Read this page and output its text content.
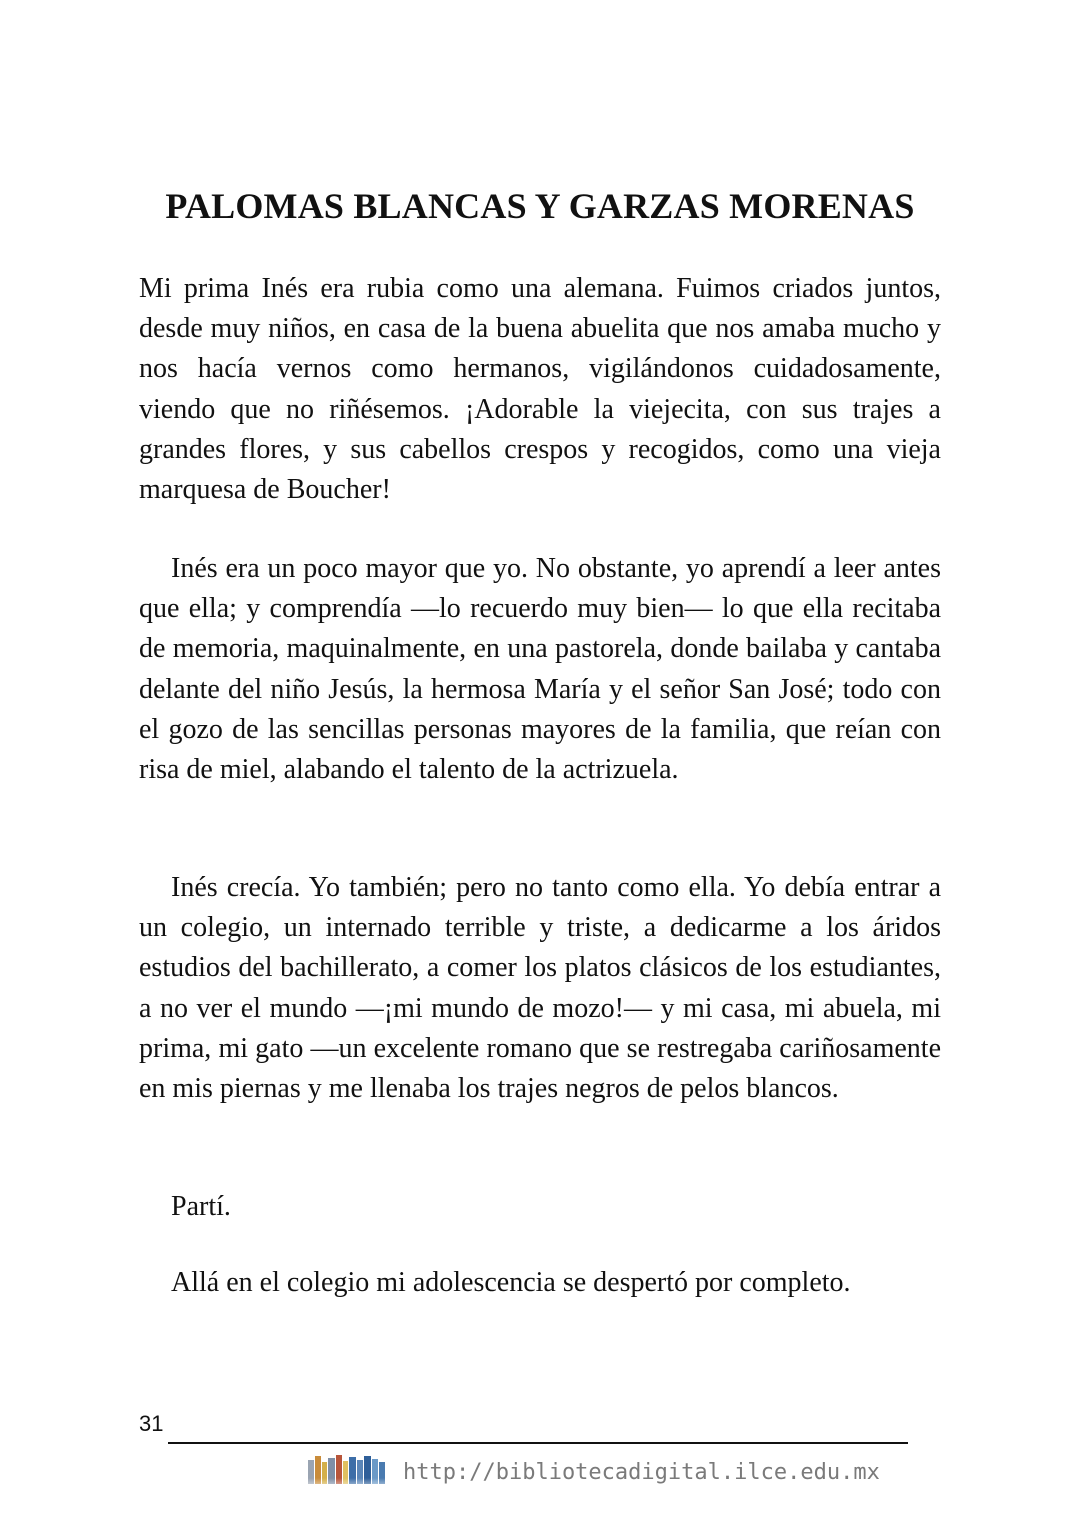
PALOMAS BLANCAS Y GARZAS MORENAS

Mi prima Inés era rubia como una alemana. Fuimos criados juntos, desde muy niños, en casa de la buena abuelita que nos amaba mucho y nos hacía vernos como hermanos, vigilándonos cuidadosamente, viendo que no riñésemos. ¡Adorable la viejecita, con sus trajes a grandes flores, y sus cabellos crespos y recogidos, como una vieja marquesa de Boucher!

Inés era un poco mayor que yo. No obstante, yo aprendí a leer antes que ella; y comprendía —lo recuerdo muy bien— lo que ella recitaba de memoria, maquinalmente, en una pastorela, donde bailaba y cantaba delante del niño Jesús, la hermosa María y el señor San José; todo con el gozo de las sencillas personas mayores de la familia, que reían con risa de miel, alabando el talento de la actrizuela.

Inés crecía. Yo también; pero no tanto como ella. Yo debía entrar a un colegio, un internado terrible y triste, a dedicarme a los áridos estudios del bachillerato, a comer los platos clásicos de los estudiantes, a no ver el mundo —¡mi mundo de mozo!— y mi casa, mi abuela, mi prima, mi gato —un excelente romano que se restregaba cariñosamente en mis piernas y me llenaba los trajes negros de pelos blancos.

Partí.

Allá en el colegio mi adolescencia se despertó por completo.

31
http://bibliotecadigital.ilce.edu.mx
